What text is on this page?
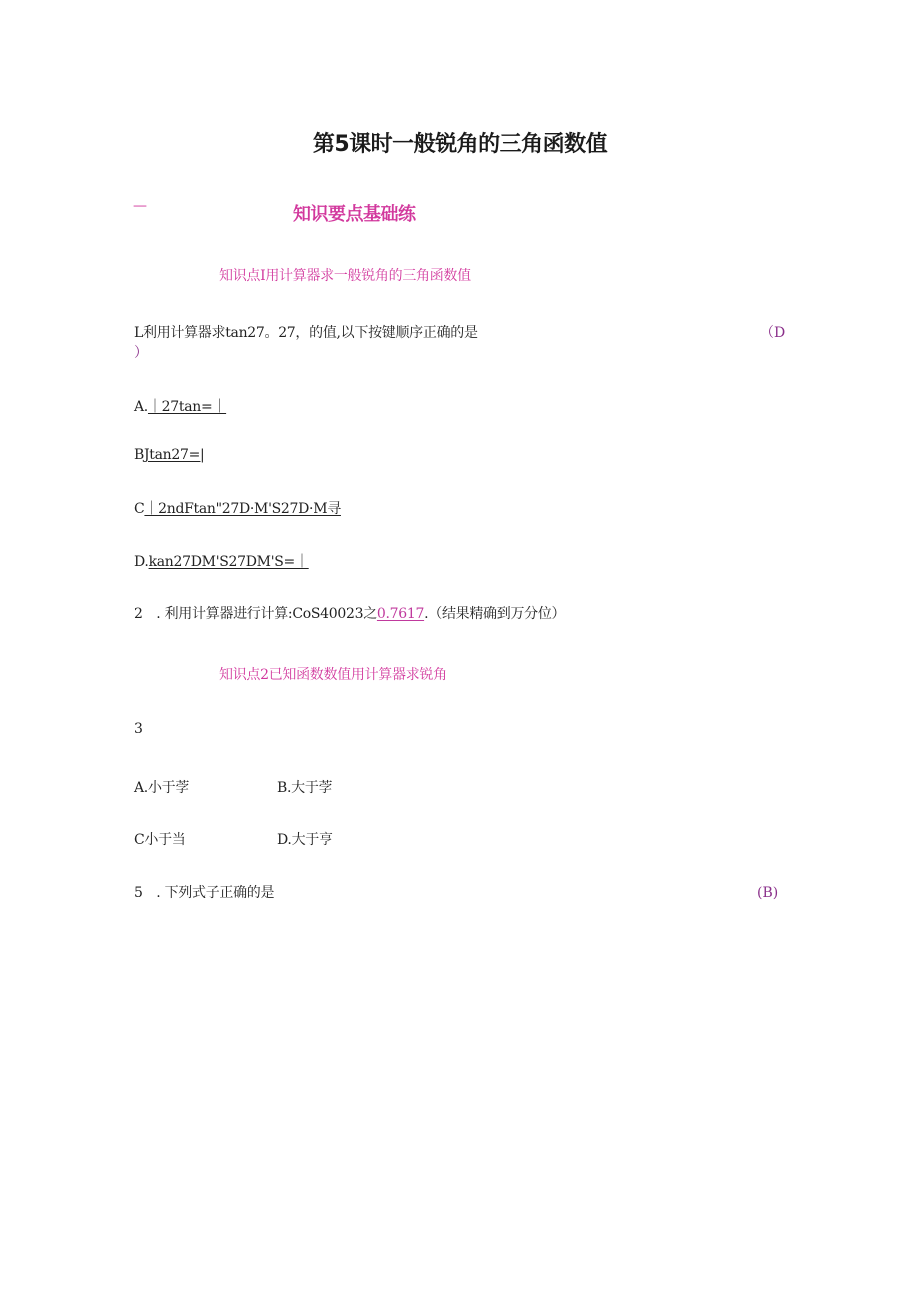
第5课时一般锐角的三角函数值
—	知识要点基础练
知识点I用计算器求一般锐角的三角函数值
L利用计算器求tan27。27，的值,以下按键顺序正确的是	（D
）
A.｜27tan=｜
BJtan27=|
C｜2ndFtan"27D·M'S27D·M寻
D.kan27DM'S27DM'S=｜
2　. 利用计算器进行计算:CoS40023之0.7617.（结果精确到万分位）
知识点2已知函数数值用计算器求锐角
3
A.小于茡	B.大于茡
C小于当	D.大于亨
5　. 下列式子正确的是	(B)
